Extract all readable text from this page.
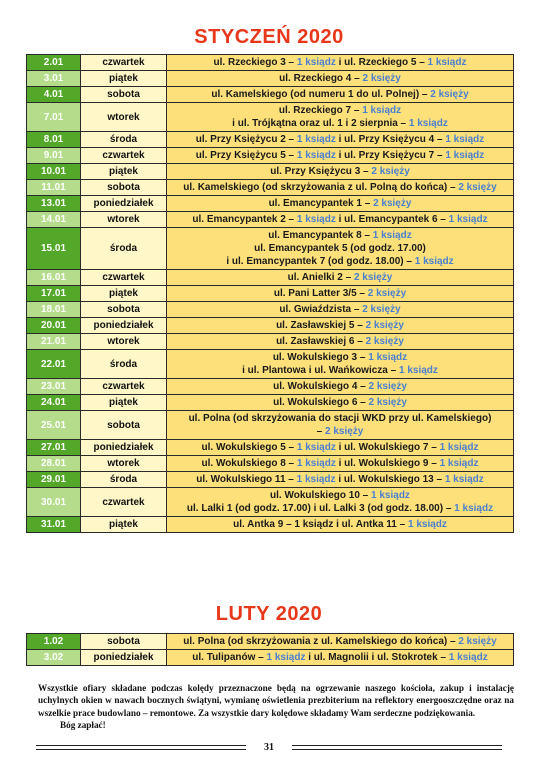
STYCZEŃ 2020
2.01	czwartek	ul. Rzeckiego 3 – 1 ksiądz i ul. Rzeckiego 5 – 1 ksiądz

3.01	piątek	ul. Rzeckiego 4 – 2 księży

4.01	sobota	ul. Kamelskiego (od numeru 1 do ul. Polnej) – 2 księży

7.01	wtorek	ul. Rzeckiego 7 – 1 ksiądz
i ul. Trójkątna oraz ul. 1 i 2 sierpnia – 1 ksiądz

8.01	środa	ul. Przy Księżycu 2 – 1 ksiądz i ul. Przy Księżycu 4 – 1 ksiądz

9.01	czwartek	ul. Przy Księżycu 5 – 1 ksiądz i ul. Przy Księżycu 7 – 1 ksiądz

10.01	piątek	ul. Przy Księżycu 3 – 2 księży

11.01	sobota	ul. Kamelskiego (od skrzyżowania z ul. Polną do końca) – 2 księży

13.01	poniedziałek	ul. Emancypantek 1 – 2 księży

14.01	wtorek	ul. Emancypantek 2 – 1 ksiądz i ul. Emancypantek 6 – 1 ksiądz

15.01	środa	ul. Emancypantek 8 – 1 ksiądz
ul. Emancypantek 5 (od godz. 17.00)
i ul. Emancypantek 7 (od godz. 18.00) – 1 ksiądz

16.01	czwartek	ul. Anielki 2 – 2 księży

17.01	piątek	ul. Pani Latter 3/5 – 2 księży

18.01	sobota	ul. Gwiaździsta – 2 księży

20.01	poniedziałek	ul. Zasławskiej 5 – 2 księży

21.01	wtorek	ul. Zasławskiej 6 – 2 księży

22.01	środa	ul. Wokulskiego 3 – 1 ksiądz
i ul. Plantowa i ul. Wańkowicza – 1 ksiądz

23.01	czwartek	ul. Wokulskiego 4 – 2 księży

24.01	piątek	ul. Wokulskiego 6 – 2 księży

25.01	sobota	ul. Polna (od skrzyżowania do stacji WKD przy ul. Kamelskiego)
– 2 księży

27.01	poniedziałek	ul. Wokulskiego 5 – 1 ksiądz i ul. Wokulskiego 7 – 1 ksiądz

28.01	wtorek	ul. Wokulskiego 8 – 1 ksiądz i ul. Wokulskiego 9 – 1 ksiądz

29.01	środa	ul. Wokulskiego 11 – 1 ksiądz i ul. Wokulskiego 13 – 1 ksiądz

30.01	czwartek	ul. Wokulskiego 10 – 1 ksiądz
ul. Lalki 1 (od godz. 17.00) i ul. Lalki 3 (od godz. 18.00) – 1 ksiądz

31.01	piątek	ul. Antka 9 – 1 ksiądz i ul. Antka 11 – 1 ksiądz
LUTY 2020
1.02	sobota	ul. Polna (od skrzyżowania z ul. Kamelskiego do końca) – 2 księży

3.02	poniedziałek	ul. Tulipanów – 1 ksiądz i ul. Magnolii i ul. Stokrotek – 1 ksiądz
Wszystkie ofiary składane podczas kolędy przeznaczone będą na ogrzewanie naszego kościoła, zakup i instalację uchylnych okien w nawach bocznych świątyni, wymianę oświetlenia prezbiterium na reflektory energooszczędne oraz na wszelkie prace budowlano – remontowe. Za wszystkie dary kolędowe składamy Wam serdeczne podziękowania.
Bóg zapłać!
31
